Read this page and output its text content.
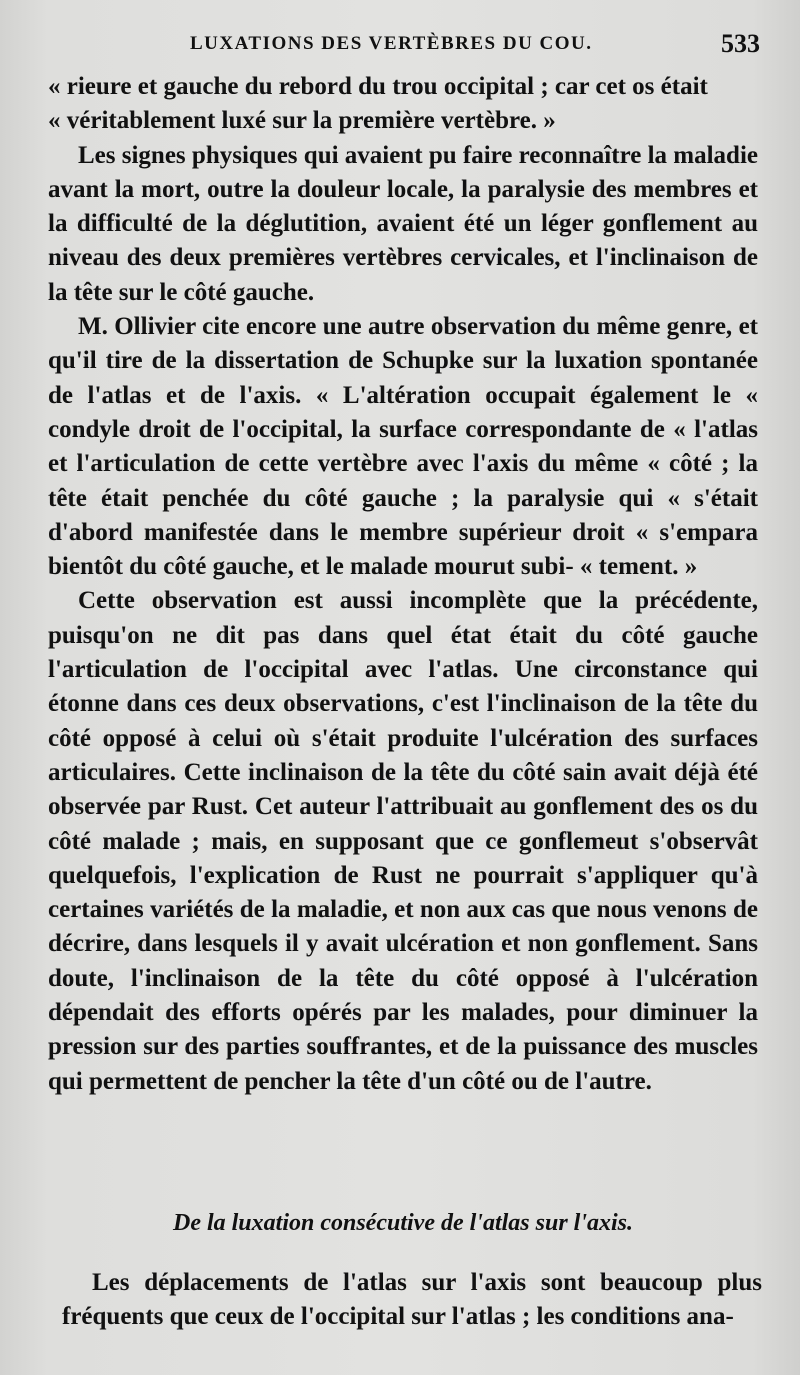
LUXATIONS DES VERTÈBRES DU COU.	533
« rieure et gauche du rebord du trou occipital ; car cet os était
« véritablement luxé sur la première vertèbre. »

Les signes physiques qui avaient pu faire reconnaître la maladie avant la mort, outre la douleur locale, la paralysie des membres et la difficulté de la déglutition, avaient été un léger gonflement au niveau des deux premières vertèbres cervicales, et l'inclinaison de la tête sur le côté gauche.

M. Ollivier cite encore une autre observation du même genre, et qu'il tire de la dissertation de Schupke sur la luxation spontanée de l'atlas et de l'axis. « L'altération occupait également le « condyle droit de l'occipital, la surface correspondante de « l'atlas et l'articulation de cette vertèbre avec l'axis du même « côté ; la tête était penchée du côté gauche ; la paralysie qui « s'était d'abord manifestée dans le membre supérieur droit « s'empara bientôt du côté gauche, et le malade mourut subi- « tement. »

Cette observation est aussi incomplète que la précédente, puisqu'on ne dit pas dans quel état était du côté gauche l'articulation de l'occipital avec l'atlas. Une circonstance qui étonne dans ces deux observations, c'est l'inclinaison de la tête du côté opposé à celui où s'était produite l'ulcération des surfaces articulaires. Cette inclinaison de la tête du côté sain avait déjà été observée par Rust. Cet auteur l'attribuait au gonflement des os du côté malade ; mais, en supposant que ce gonflemeut s'observât quelquefois, l'explication de Rust ne pourrait s'appliquer qu'à certaines variétés de la maladie, et non aux cas que nous venons de décrire, dans lesquels il y avait ulcération et non gonflement. Sans doute, l'inclinaison de la tête du côté opposé à l'ulcération dépendait des efforts opérés par les malades, pour diminuer la pression sur des parties souffrantes, et de la puissance des muscles qui permettent de pencher la tête d'un côté ou de l'autre.

De la luxation consécutive de l'atlas sur l'axis.

Les déplacements de l'atlas sur l'axis sont beaucoup plus fréquents que ceux de l'occipital sur l'atlas ; les conditions ana-
